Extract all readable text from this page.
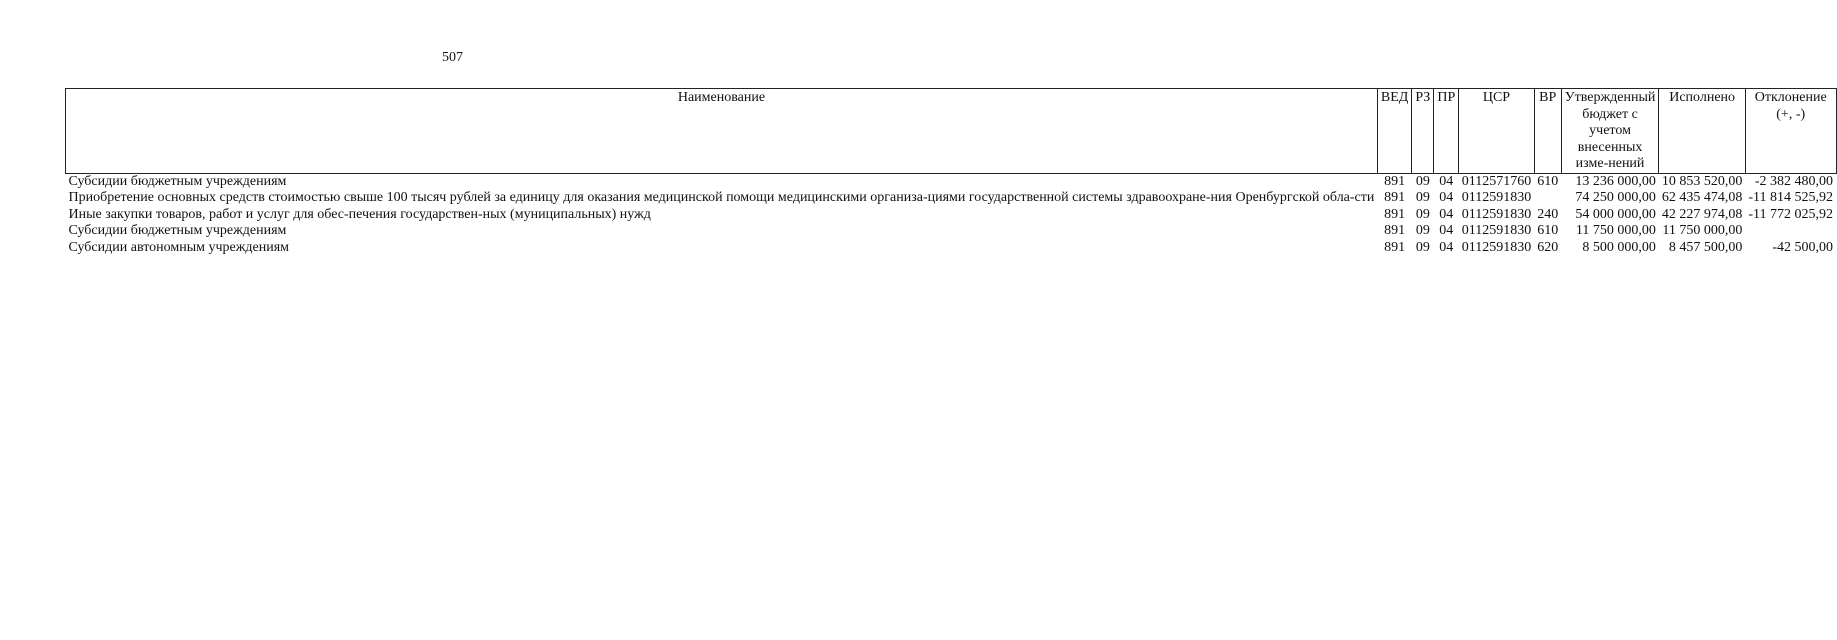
507
Наименование	ВЕД	РЗ	ПР	ЦСР	ВР	Утвержденный бюджет с учетом внесенных изме-нений	Исполнено	Отклонение (+, -)
Субсидии бюджетным учреждениям	891	09	04	0112571760	610	13 236 000,00	10 853 520,00	-2 382 480,00
Приобретение основных средств стоимостью свыше 100 тысяч рублей за единицу для оказания медицинской помощи медицинскими организа-циями государственной системы здравоохране-ния Оренбургской обла-сти	891	09	04	0112591830		74 250 000,00	62 435 474,08	-11 814 525,92
Иные закупки товаров, работ и услуг для обес-печения государствен-ных (муниципальных) нужд	891	09	04	0112591830	240	54 000 000,00	42 227 974,08	-11 772 025,92
Субсидии бюджетным учреждениям	891	09	04	0112591830	610	11 750 000,00	11 750 000,00	
Субсидии автономным учреждениям	891	09	04	0112591830	620	8 500 000,00	8 457 500,00	-42 500,00
